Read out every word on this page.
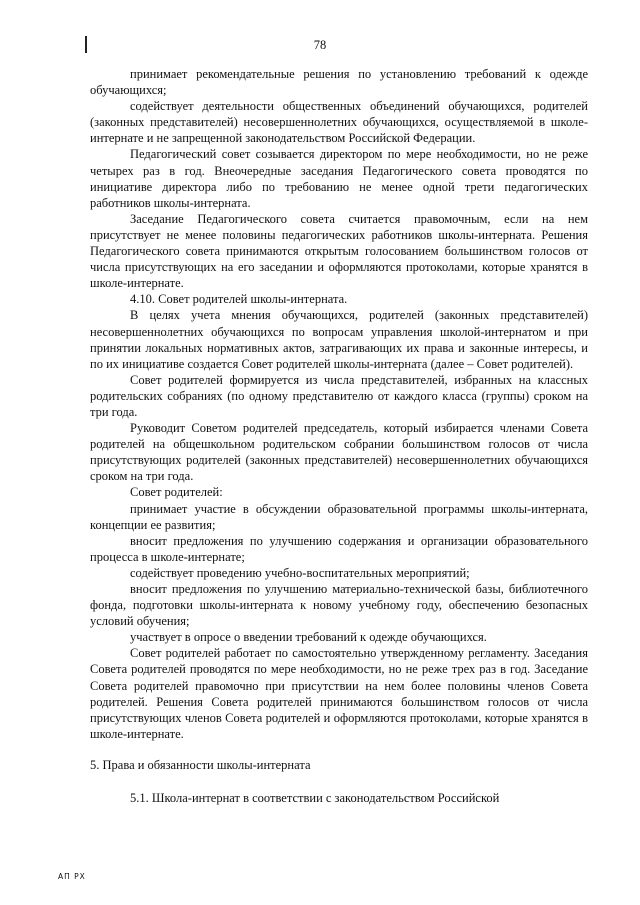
78

принимает рекомендательные решения по установлению требований к одежде обучающихся;

содействует деятельности общественных объединений обучающихся, родителей (законных представителей) несовершеннолетних обучающихся, осуществляемой в школе-интернате и не запрещенной законодательством Российской Федерации.

Педагогический совет созывается директором по мере необходимости, но не реже четырех раз в год. Внеочередные заседания Педагогического совета проводятся по инициативе директора либо по требованию не менее одной трети педагогических работников школы-интерната.

Заседание Педагогического совета считается правомочным, если на нем присутствует не менее половины педагогических работников школы-интерната. Решения Педагогического совета принимаются открытым голосованием большинством голосов от числа присутствующих на его заседании и оформляются протоколами, которые хранятся в школе-интернате.

4.10. Совет родителей школы-интерната.

В целях учета мнения обучающихся, родителей (законных представителей) несовершеннолетних обучающихся по вопросам управления школой-интернатом и при принятии локальных нормативных актов, затрагивающих их права и законные интересы, и по их инициативе создается Совет родителей школы-интерната (далее – Совет родителей).

Совет родителей формируется из числа представителей, избранных на классных родительских собраниях (по одному представителю от каждого класса (группы) сроком на три года.

Руководит Советом родителей председатель, который избирается членами Совета родителей на общешкольном родительском собрании большинством голосов от числа присутствующих родителей (законных представителей) несовершеннолетних обучающихся сроком на три года.

Совет родителей:

принимает участие в обсуждении образовательной программы школы-интерната, концепции ее развития;

вносит предложения по улучшению содержания и организации образовательного процесса в школе-интернате;

содействует проведению учебно-воспитательных мероприятий;

вносит предложения по улучшению материально-технической базы, библиотечного фонда, подготовки школы-интерната к новому учебному году, обеспечению безопасных условий обучения;

участвует в опросе о введении требований к одежде обучающихся.

Совет родителей работает по самостоятельно утвержденному регламенту. Заседания Совета родителей проводятся по мере необходимости, но не реже трех раз в год. Заседание Совета родителей правомочно при присутствии на нем более половины членов Совета родителей. Решения Совета родителей принимаются большинством голосов от числа присутствующих членов Совета родителей и оформляются протоколами, которые хранятся в школе-интернате.

5. Права и обязанности школы-интерната

5.1. Школа-интернат в соответствии с законодательством Российской

АП РХ
